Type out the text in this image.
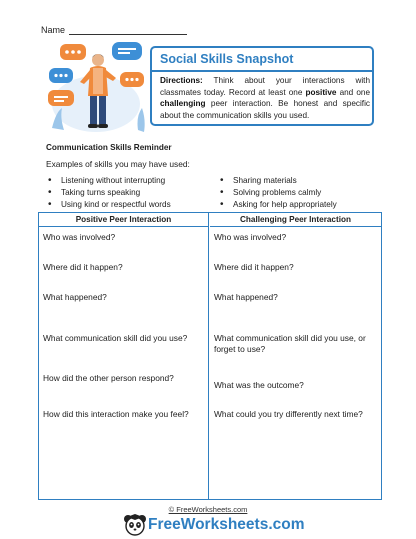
Name
Social Skills Snapshot
Directions: Think about your interactions with classmates today. Record at least one positive and one challenging peer interaction. Be honest and specific about the communication skills you used.
Communication Skills Reminder
Examples of skills you may have used:
• Listening without interrupting
• Taking turns speaking
• Using kind or respectful words
• Sharing materials
• Solving problems calmly
• Asking for help appropriately
Positive Peer Interaction
Who was involved?
Where did it happen?
What happened?
What communication skill did you use?
How did the other person respond?
How did this interaction make you feel?
Challenging Peer Interaction
Who was involved?
Where did it happen?
What happened?
What communication skill did you use, or forget to use?
What was the outcome?
What could you try differently next time?
© FreeWorksheets.com
FreeWorksheets.com
